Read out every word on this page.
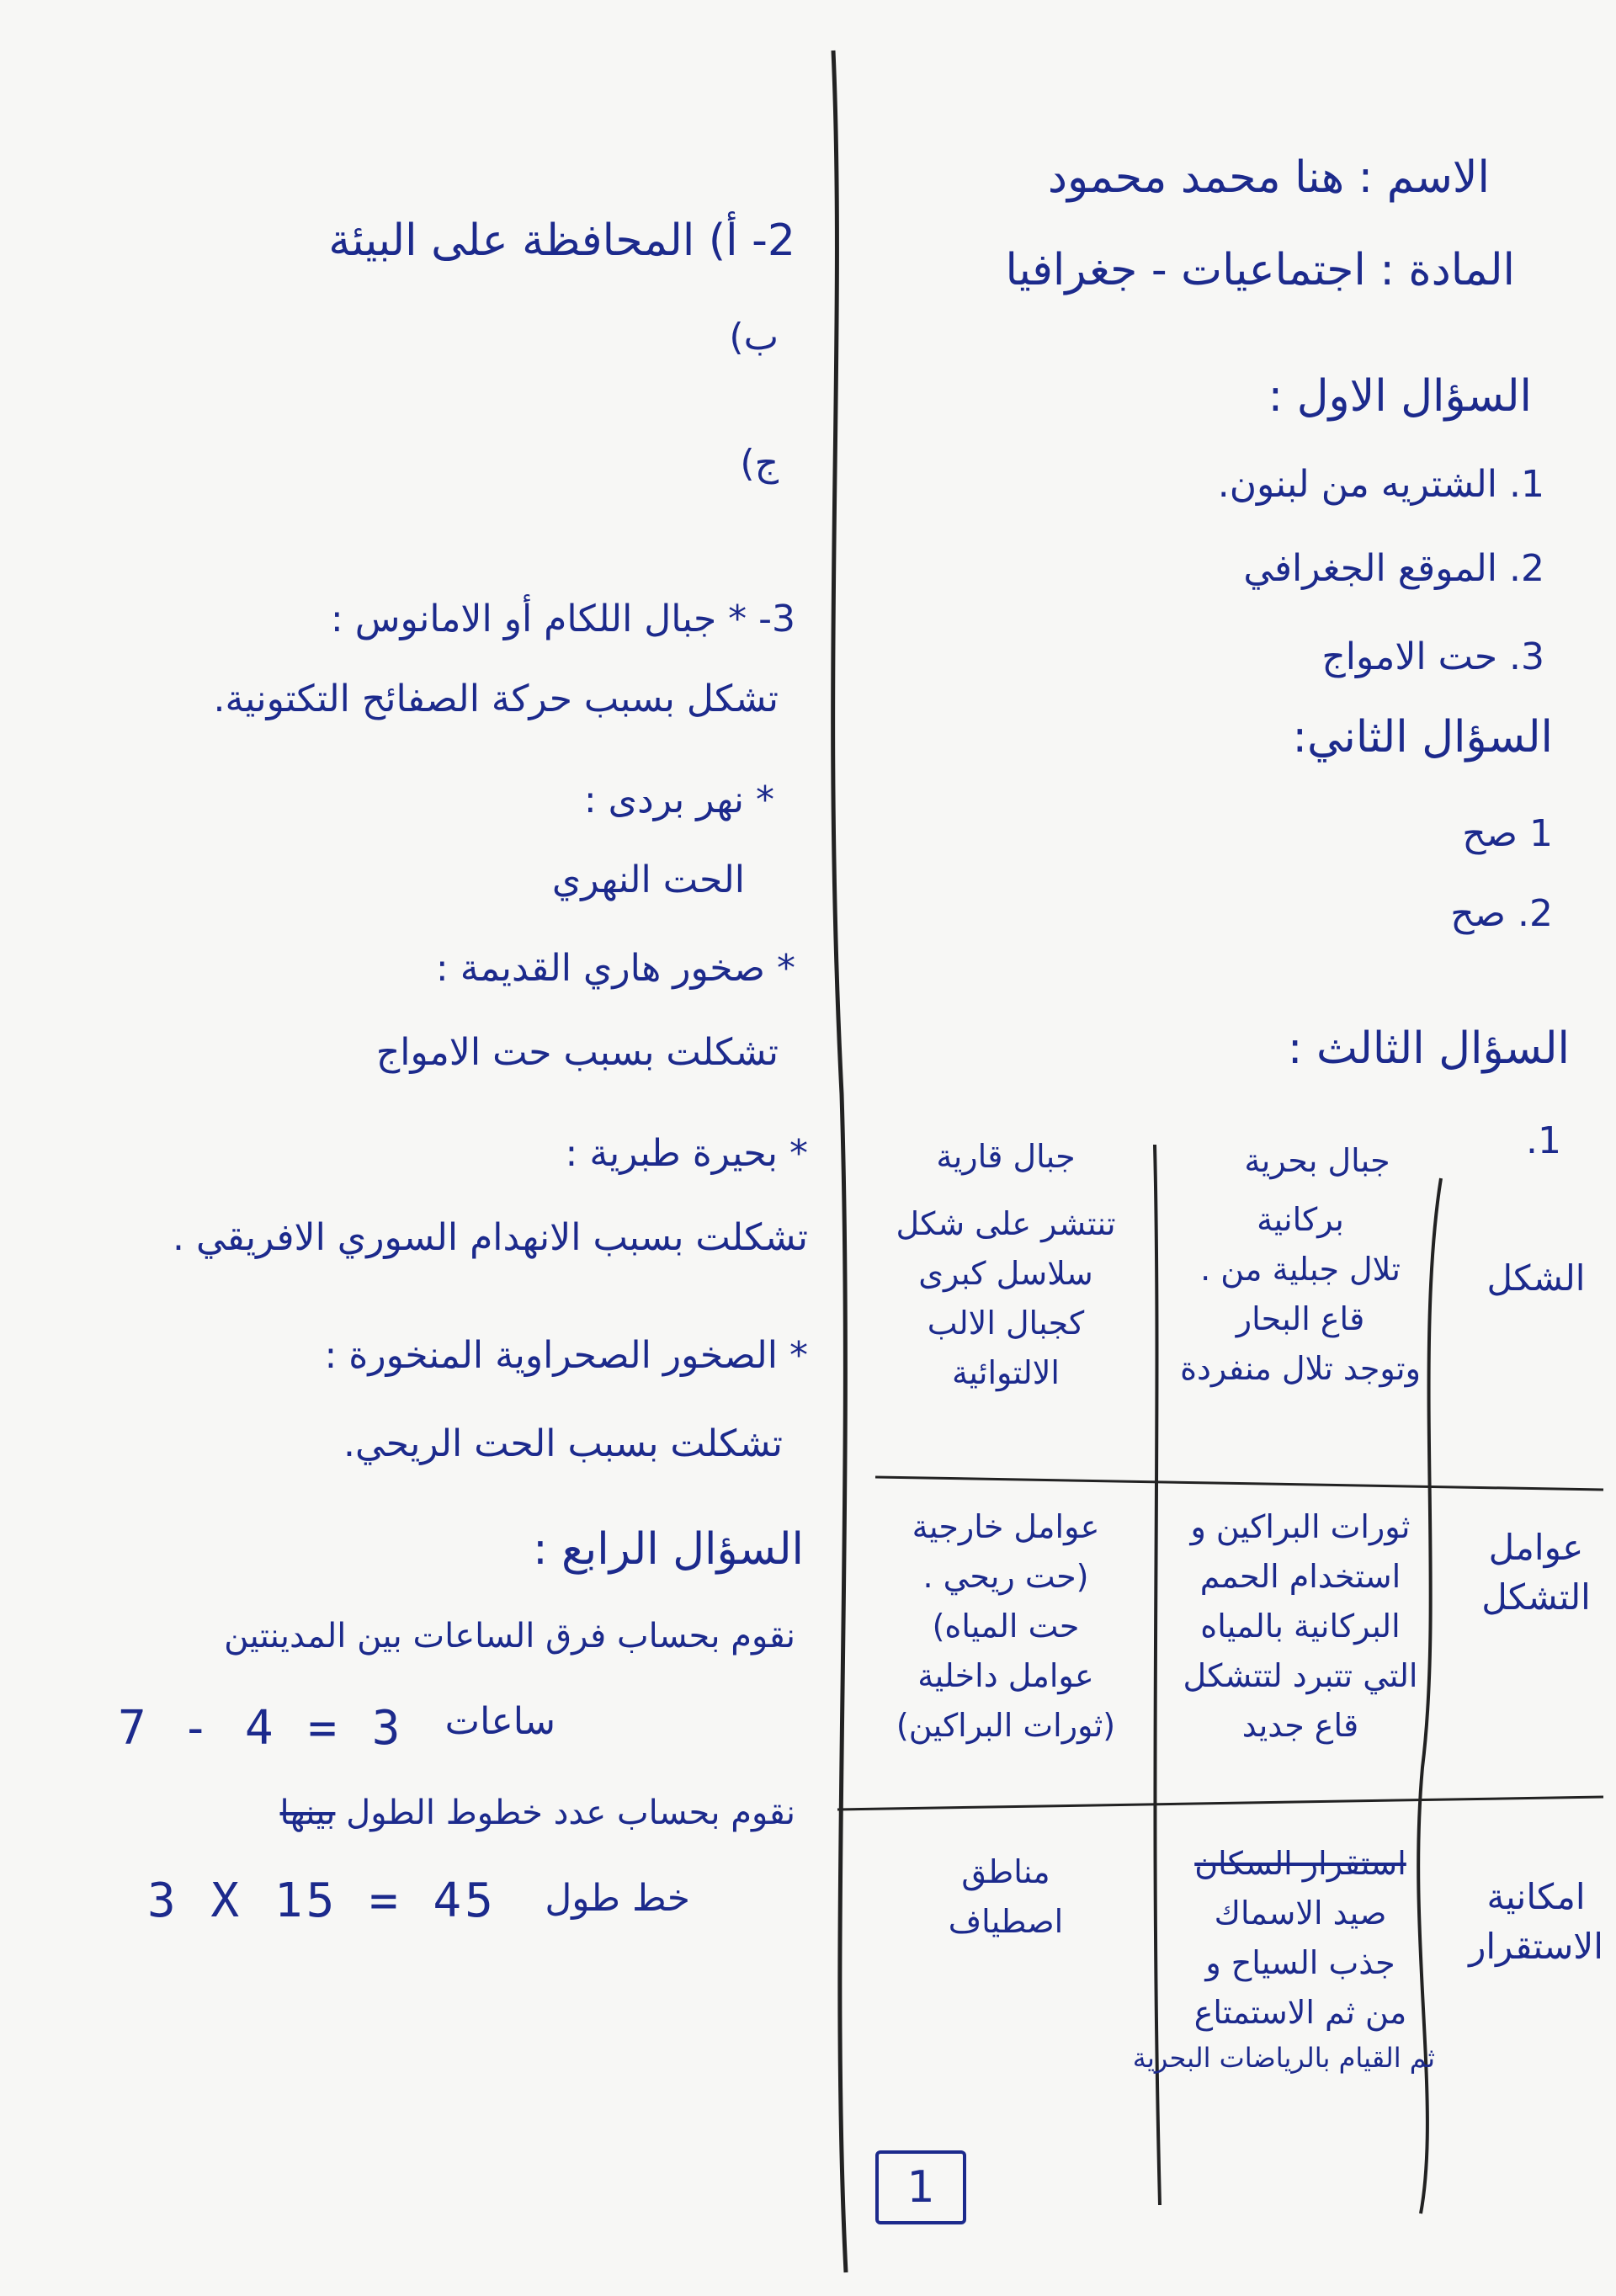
الاسم : هنا محمد محمود
المادة : اجتماعيات - جغرافيا
السؤال الاول :
1. الشتريه من لبنون.
2. الموقع الجغرافي
3. حت الامواج
السؤال الثاني:
1 صح
2. صح
السؤال الثالث :
1.
جبال بحرية
جبال قارية
الشكل
بركانية
تلال جبلية من .
قاع البحار
وتوجد تلال منفردة
تنتشر على شكل
سلاسل كبرى
كجبال الالب
الالتوائية
عوامل
التشكل
ثورات البراكين و
استخدام الحمم
البركانية بالمياه
التي تتبرد لتتشكل
قاع جديد
عوامل خارجية
(حت ريحي .
حت المياه)
عوامل داخلية
(ثورات البراكين)
امكانية
الاستقرار
استقرار السكان
صيد الاسماك
جذب السياح و
من ثم الاستمتاع
ثم القيام بالرياضات البحرية
مناطق
اصطياف
2- أ) المحافظة على البيئة
ب)
ج)
3- * جبال اللكام أو الامانوس :
تشكل بسبب حركة الصفائح التكتونية.
* نهر بردى :
الحت النهري
* صخور هاري القديمة :
تشكلت بسبب حت الامواج
* بحيرة طبرية :
تشكلت بسبب الانهدام السوري الافريقي .
* الصخور الصحراوية المنخورة :
تشكلت بسبب الحت الريحي.
السؤال الرابع :
نقوم بحساب فرق الساعات بين المدينتين
7 - 4 = 3 ساعات
نقوم بحساب عدد خطوط الطول بينها
3 X 15 = 45 خط طول
1
